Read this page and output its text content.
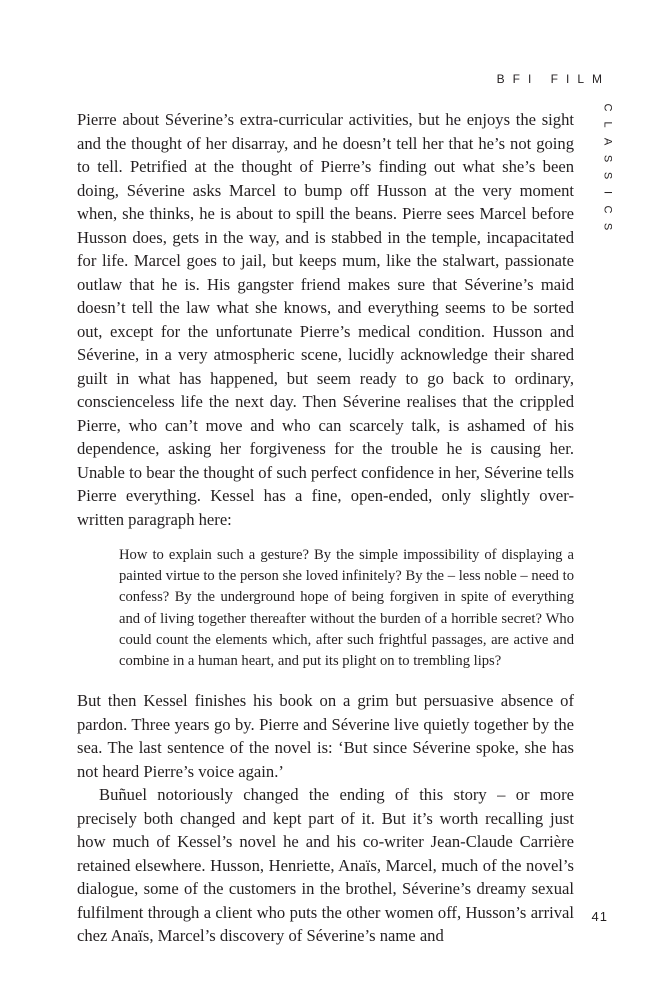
BFI FILM
C
L
A
S
S
I
C
S

Pierre about Séverine’s extra-curricular activities, but he enjoys the sight and the thought of her disarray, and he doesn’t tell her that he’s not going to tell. Petrified at the thought of Pierre’s finding out what she’s been doing, Séverine asks Marcel to bump off Husson at the very moment when, she thinks, he is about to spill the beans. Pierre sees Marcel before Husson does, gets in the way, and is stabbed in the temple, incapacitated for life. Marcel goes to jail, but keeps mum, like the stalwart, passionate outlaw that he is. His gangster friend makes sure that Séverine’s maid doesn’t tell the law what she knows, and everything seems to be sorted out, except for the unfortunate Pierre’s medical condition. Husson and Séverine, in a very atmospheric scene, lucidly acknowledge their shared guilt in what has happened, but seem ready to go back to ordinary, conscienceless life the next day. Then Séverine realises that the crippled Pierre, who can’t move and who can scarcely talk, is ashamed of his dependence, asking her forgiveness for the trouble he is causing her. Unable to bear the thought of such perfect confidence in her, Séverine tells Pierre everything. Kessel has a fine, open-ended, only slightly over-written paragraph here:

How to explain such a gesture? By the simple impossibility of displaying a painted virtue to the person she loved infinitely? By the – less noble – need to confess? By the underground hope of being forgiven in spite of everything and of living together thereafter without the burden of a horrible secret? Who could count the elements which, after such frightful passages, are active and combine in a human heart, and put its plight on to trembling lips?

But then Kessel finishes his book on a grim but persuasive absence of pardon. Three years go by. Pierre and Séverine live quietly together by the sea. The last sentence of the novel is: ‘But since Séverine spoke, she has not heard Pierre’s voice again.’

Buñuel notoriously changed the ending of this story – or more precisely both changed and kept part of it. But it’s worth recalling just how much of Kessel’s novel he and his co-writer Jean-Claude Carrière retained elsewhere. Husson, Henriette, Anaïs, Marcel, much of the novel’s dialogue, some of the customers in the brothel, Séverine’s dreamy sexual fulfilment through a client who puts the other women off, Husson’s arrival chez Anaïs, Marcel’s discovery of Séverine’s name and

41
